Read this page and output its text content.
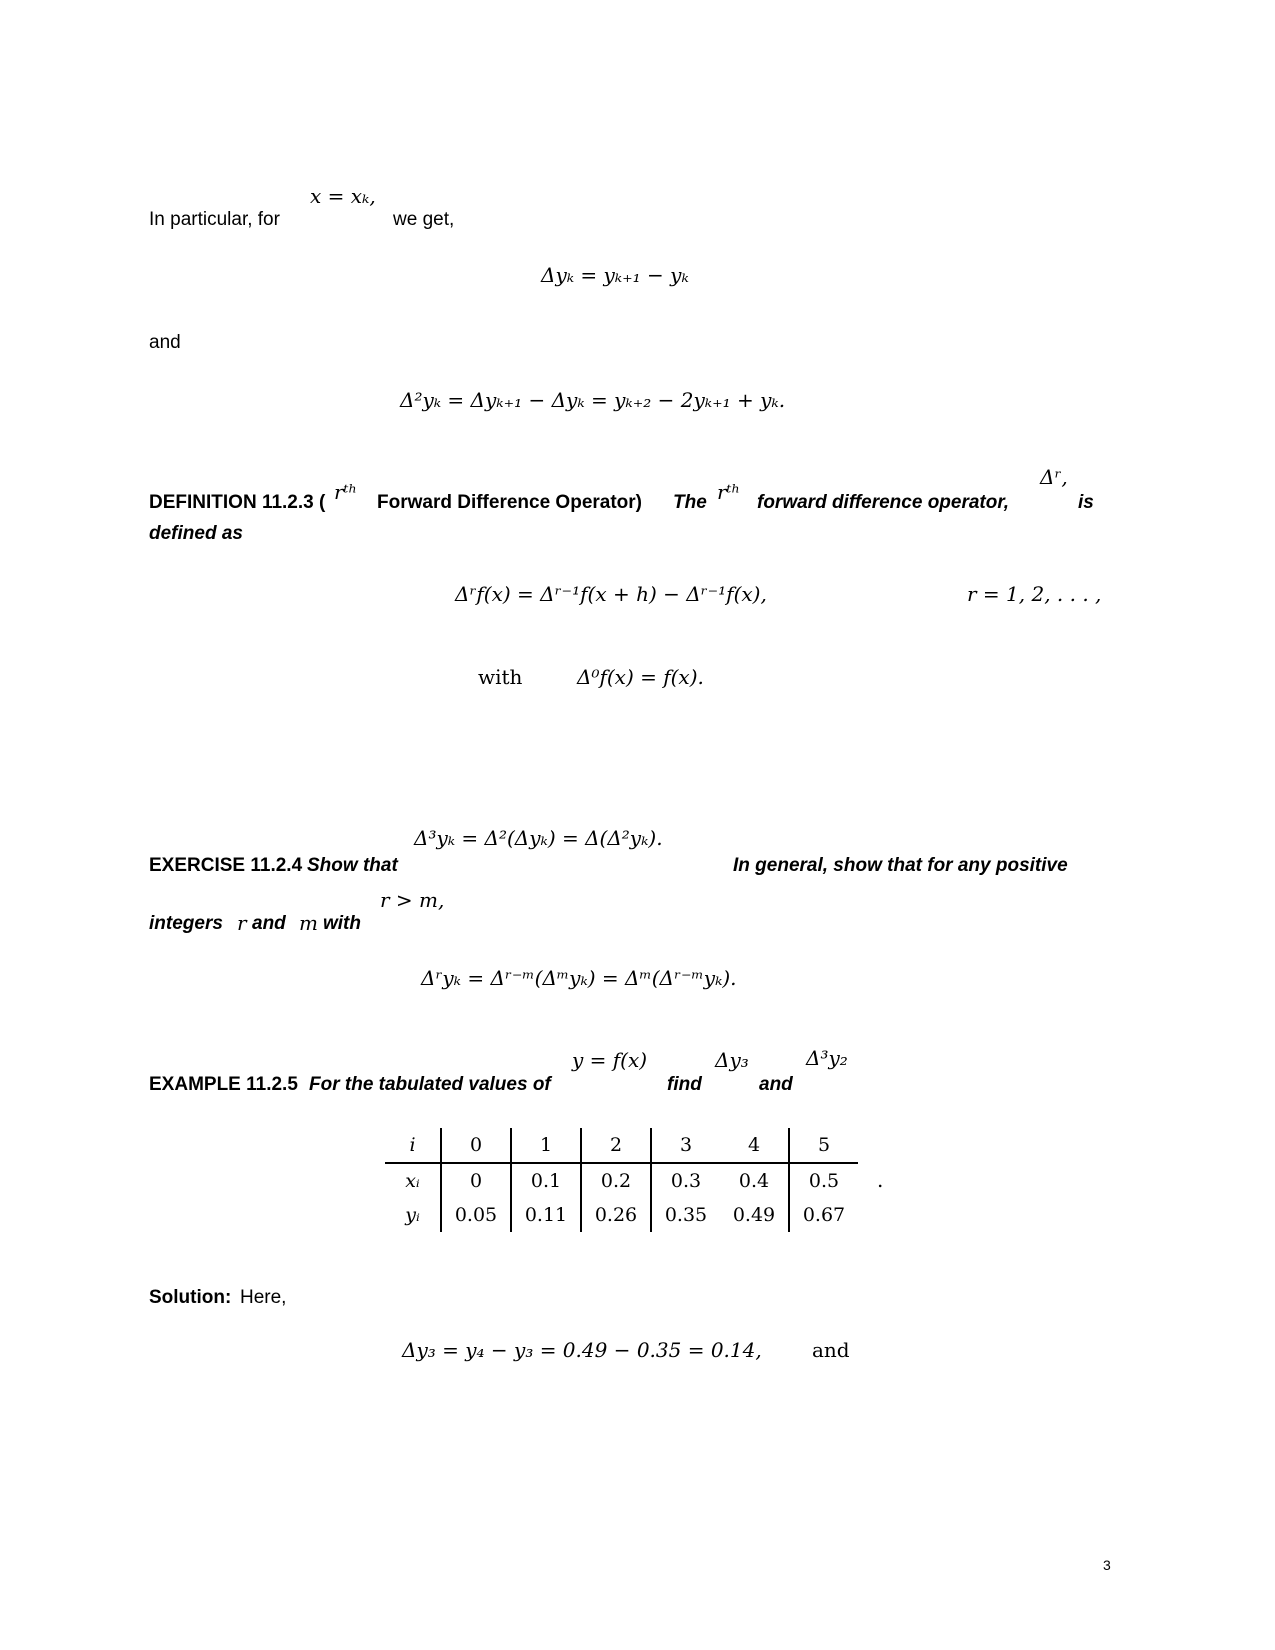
In particular, for
x = xₖ,
we get,
Δyₖ = yₖ₊₁ − yₖ
and
Δ²yₖ = Δyₖ₊₁ − Δyₖ = yₖ₊₂ − 2yₖ₊₁ + yₖ.
Δʳ,
is
DEFINITION 11.2.3 ( rᵗʰ Forward Difference Operator) The rᵗʰ forward difference operator,
defined as
Δʳf(x) = Δʳ⁻¹f(x + h) − Δʳ⁻¹f(x),	r = 1, 2, . . . ,
with	Δ⁰f(x) = f(x).
Δ³yₖ = Δ²(Δyₖ) = Δ(Δ²yₖ).
EXERCISE 11.2.4 Show that	In general, show that for any positive
r > m,
integers r and m with
Δʳyₖ = Δʳ⁻ᵐ(Δᵐyₖ) = Δᵐ(Δʳ⁻ᵐyₖ).
y = f(x)	Δy₃	Δ³y₂
EXAMPLE 11.2.5 For the tabulated values of	find	and
i	0	1	2	3	4	5
xᵢ	0	0.1	0.2	0.3	0.4	0.5
yᵢ	0.05	0.11	0.26	0.35	0.49	0.67
.
Solution: Here,
Δy₃ = y₄ − y₃ = 0.49 − 0.35 = 0.14,	and
3
